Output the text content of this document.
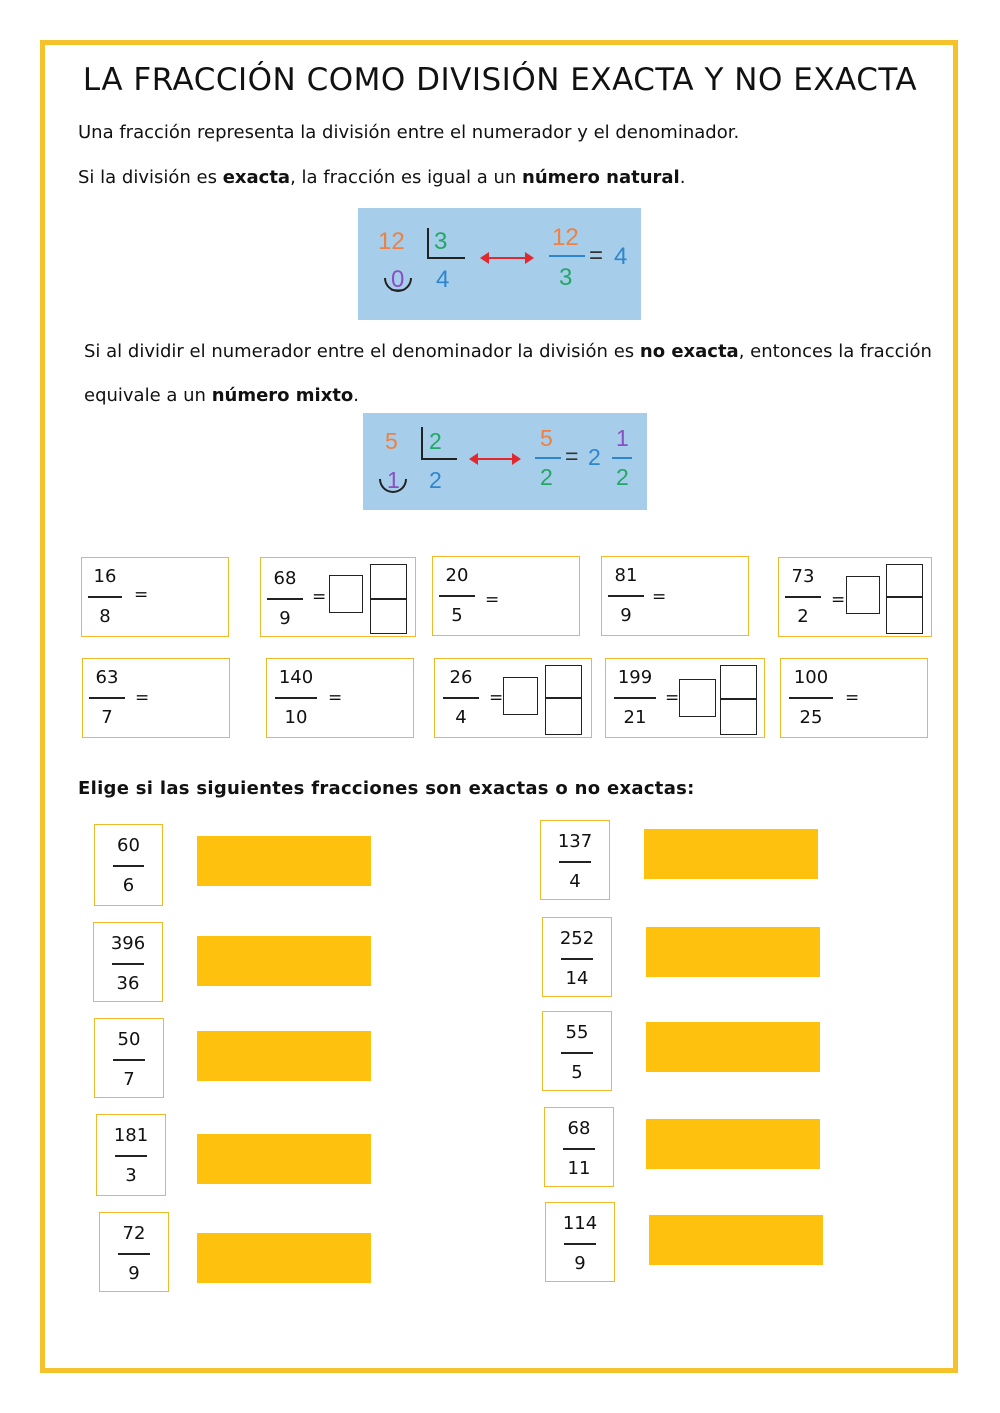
LA FRACCIÓN COMO DIVISIÓN EXACTA Y NO EXACTA

Una fracción representa la división entre el numerador y el denominador.

Si la división es exacta, la fracción es igual a un número natural.

12 3
0 4
12
3
= 4

Si al dividir el numerador entre el denominador la división es no exacta, entonces la fracción

equivale a un número mixto.

5 2
1 2
5
2
= 2
1
2
16
8
=
68
9
=
20
5
=
81
9
=
73
2
=
63
7
=
140
10
=
26
4
=
199
21
=
100
25
=

Elige si las siguientes fracciones son exactas o no exactas:

60
6
396
36
50
7
181
3
72
9
137
4
252
14
55
5
68
11
114
9
